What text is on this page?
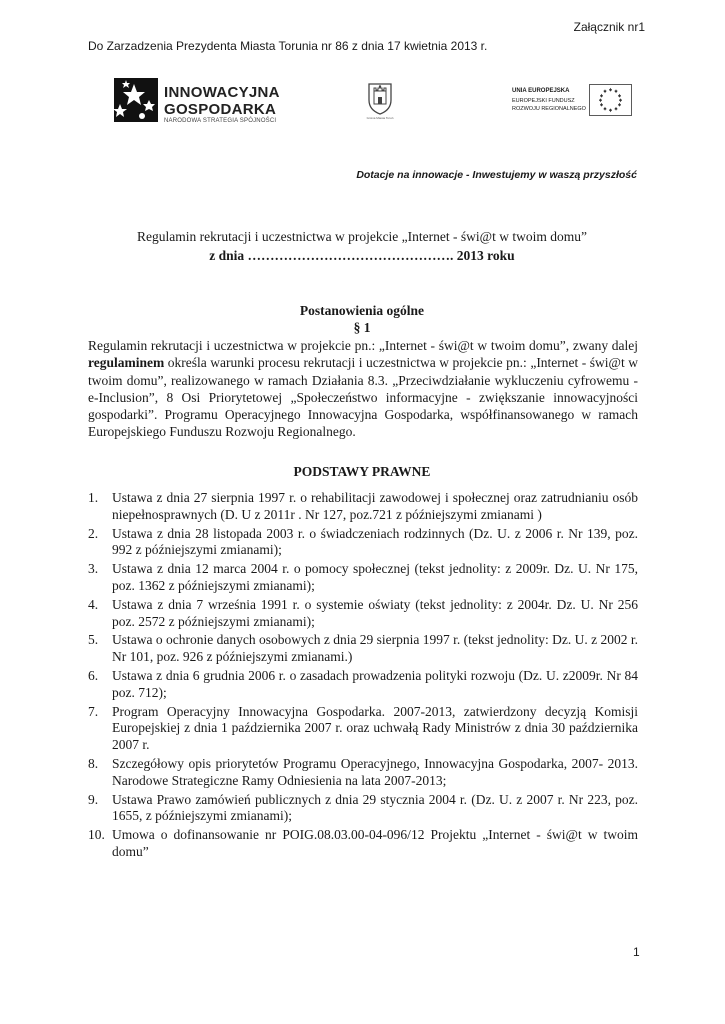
Załącznik nr1
Do Zarzadzenia Prezydenta Miasta Torunia nr 86 z dnia 17 kwietnia 2013 r.
INNOWACYJNA
GOSPODARKA
NARODOWA STRATEGIA SPÓJNOŚCI	Gmina Miasta Toruń
UNIA EUROPEJSKA
EUROPEJSKI FUNDUSZ
ROZWOJU REGIONALNEGO
Dotacje na innowacje - Inwestujemy w waszą przyszłość
Regulamin rekrutacji i uczestnictwa w projekcie „Internet - świ@t w twoim domu”
z dnia ………………………………………. 2013 roku
Postanowienia ogólne
§ 1

Regulamin rekrutacji i uczestnictwa w projekcie pn.: „Internet - świ@t w twoim domu”, zwany dalej regulaminem określa warunki procesu rekrutacji i uczestnictwa w projekcie pn.: „Internet - świ@t w twoim domu”, realizowanego w ramach Działania 8.3. „Przeciwdziałanie wykluczeniu cyfrowemu - e-Inclusion”, 8 Osi Priorytetowej „Społeczeństwo informacyjne - zwiększanie innowacyjności gospodarki”. Programu Operacyjnego Innowacyjna Gospodarka, współfinansowanego w ramach Europejskiego Funduszu Rozwoju Regionalnego.

PODSTAWY PRAWNE
1. Ustawa z dnia 27 sierpnia 1997 r. o rehabilitacji zawodowej i społecznej oraz zatrudnianiu osób niepełnosprawnych (D. U z 2011r . Nr 127, poz.721 z późniejszymi zmianami )
2. Ustawa z dnia 28 listopada 2003 r. o świadczeniach rodzinnych (Dz. U. z 2006 r. Nr 139, poz. 992 z późniejszymi zmianami);
3. Ustawa z dnia 12 marca 2004 r. o pomocy społecznej (tekst jednolity: z 2009r. Dz. U. Nr 175, poz. 1362 z późniejszymi zmianami);
4. Ustawa z dnia 7 września 1991 r. o systemie oświaty (tekst jednolity: z 2004r. Dz. U. Nr 256 poz. 2572 z późniejszymi zmianami);
5. Ustawa o ochronie danych osobowych z dnia 29 sierpnia 1997 r. (tekst jednolity: Dz. U. z 2002 r. Nr 101, poz. 926 z późniejszymi zmianami.)
6. Ustawa z dnia 6 grudnia 2006 r. o zasadach prowadzenia polityki rozwoju (Dz. U. z2009r. Nr 84 poz. 712);
7. Program Operacyjny Innowacyjna Gospodarka. 2007-2013, zatwierdzony decyzją Komisji Europejskiej z dnia 1 października 2007 r. oraz uchwałą Rady Ministrów z dnia 30 października 2007 r.
8. Szczegółowy opis priorytetów Programu Operacyjnego, Innowacyjna Gospodarka, 2007- 2013. Narodowe Strategiczne Ramy Odniesienia na lata 2007-2013;
9. Ustawa Prawo zamówień publicznych z dnia 29 stycznia 2004 r. (Dz. U. z 2007 r. Nr 223, poz. 1655, z późniejszymi zmianami);
10. Umowa o dofinansowanie nr POIG.08.03.00-04-096/12 Projektu „Internet - świ@t w twoim domu”
1
